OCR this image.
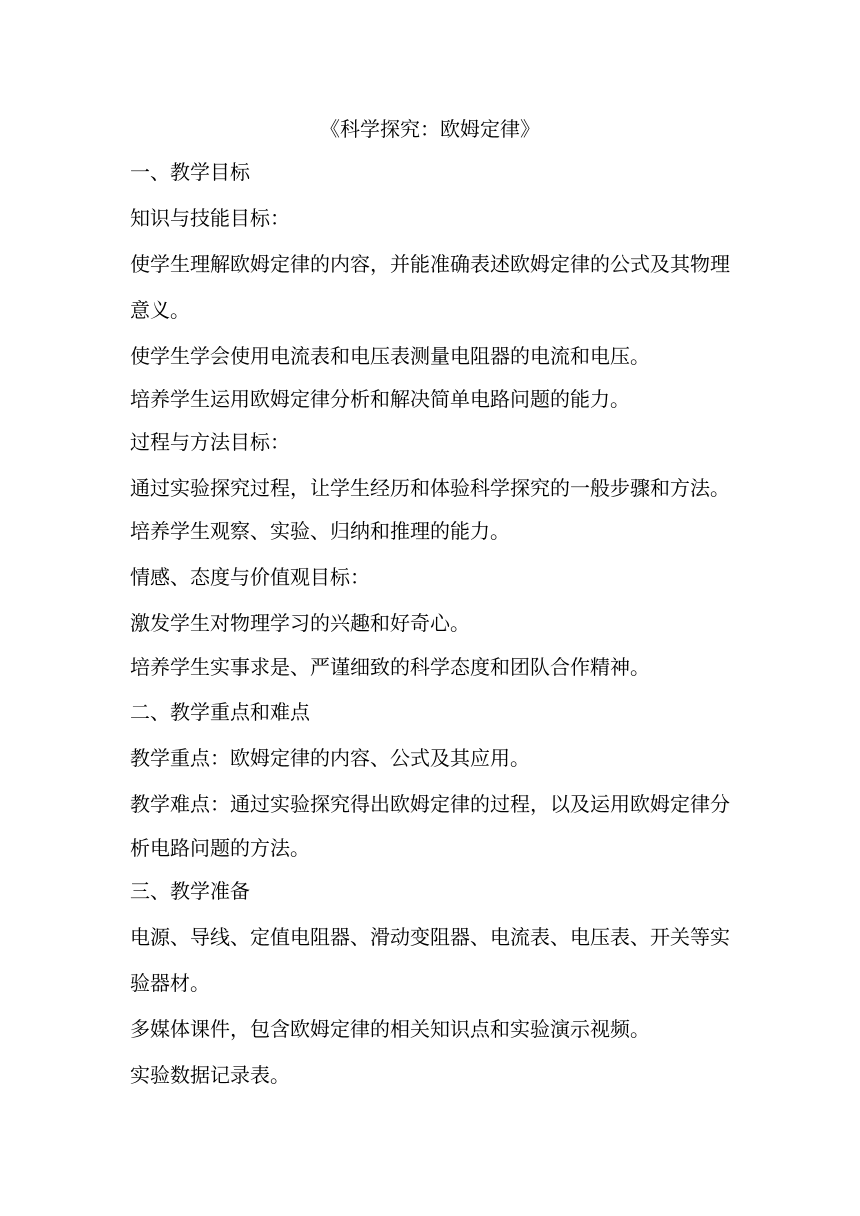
《科学探究：欧姆定律》
一、教学目标
知识与技能目标：
使学生理解欧姆定律的内容，并能准确表述欧姆定律的公式及其物理
意义。
使学生学会使用电流表和电压表测量电阻器的电流和电压。
培养学生运用欧姆定律分析和解决简单电路问题的能力。
过程与方法目标：
通过实验探究过程，让学生经历和体验科学探究的一般步骤和方法。
培养学生观察、实验、归纳和推理的能力。
情感、态度与价值观目标：
激发学生对物理学习的兴趣和好奇心。
培养学生实事求是、严谨细致的科学态度和团队合作精神。
二、教学重点和难点
教学重点：欧姆定律的内容、公式及其应用。
教学难点：通过实验探究得出欧姆定律的过程，以及运用欧姆定律分
析电路问题的方法。
三、教学准备
电源、导线、定值电阻器、滑动变阻器、电流表、电压表、开关等实
验器材。
多媒体课件，包含欧姆定律的相关知识点和实验演示视频。
实验数据记录表。
